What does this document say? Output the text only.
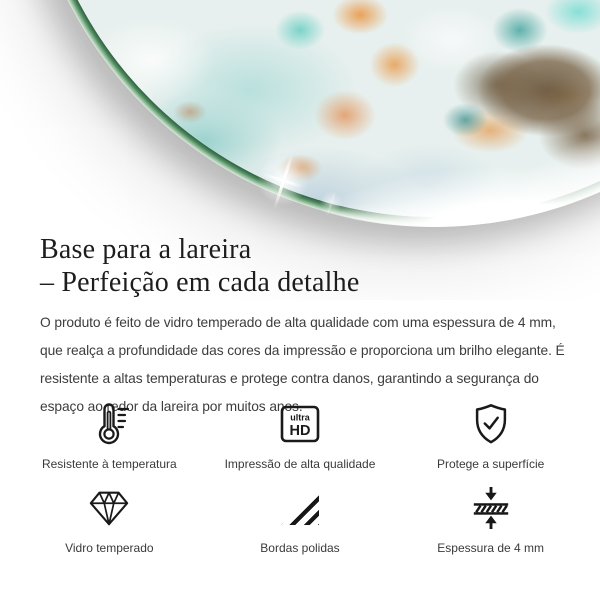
Base para a lareira
– Perfeição em cada detalhe

O produto é feito de vidro temperado de alta qualidade com uma espessura de 4 mm, que realça a profundidade das cores da impressão e proporciona um brilho elegante. É resistente a altas temperaturas e protege contra danos, garantindo a segurança do espaço ao redor da lareira por muitos anos.

Resistente à temperatura
ultra
HD
Impressão de alta qualidade	Protege a superfície
Vidro temperado	Bordas polidas	Espessura de 4 mm
